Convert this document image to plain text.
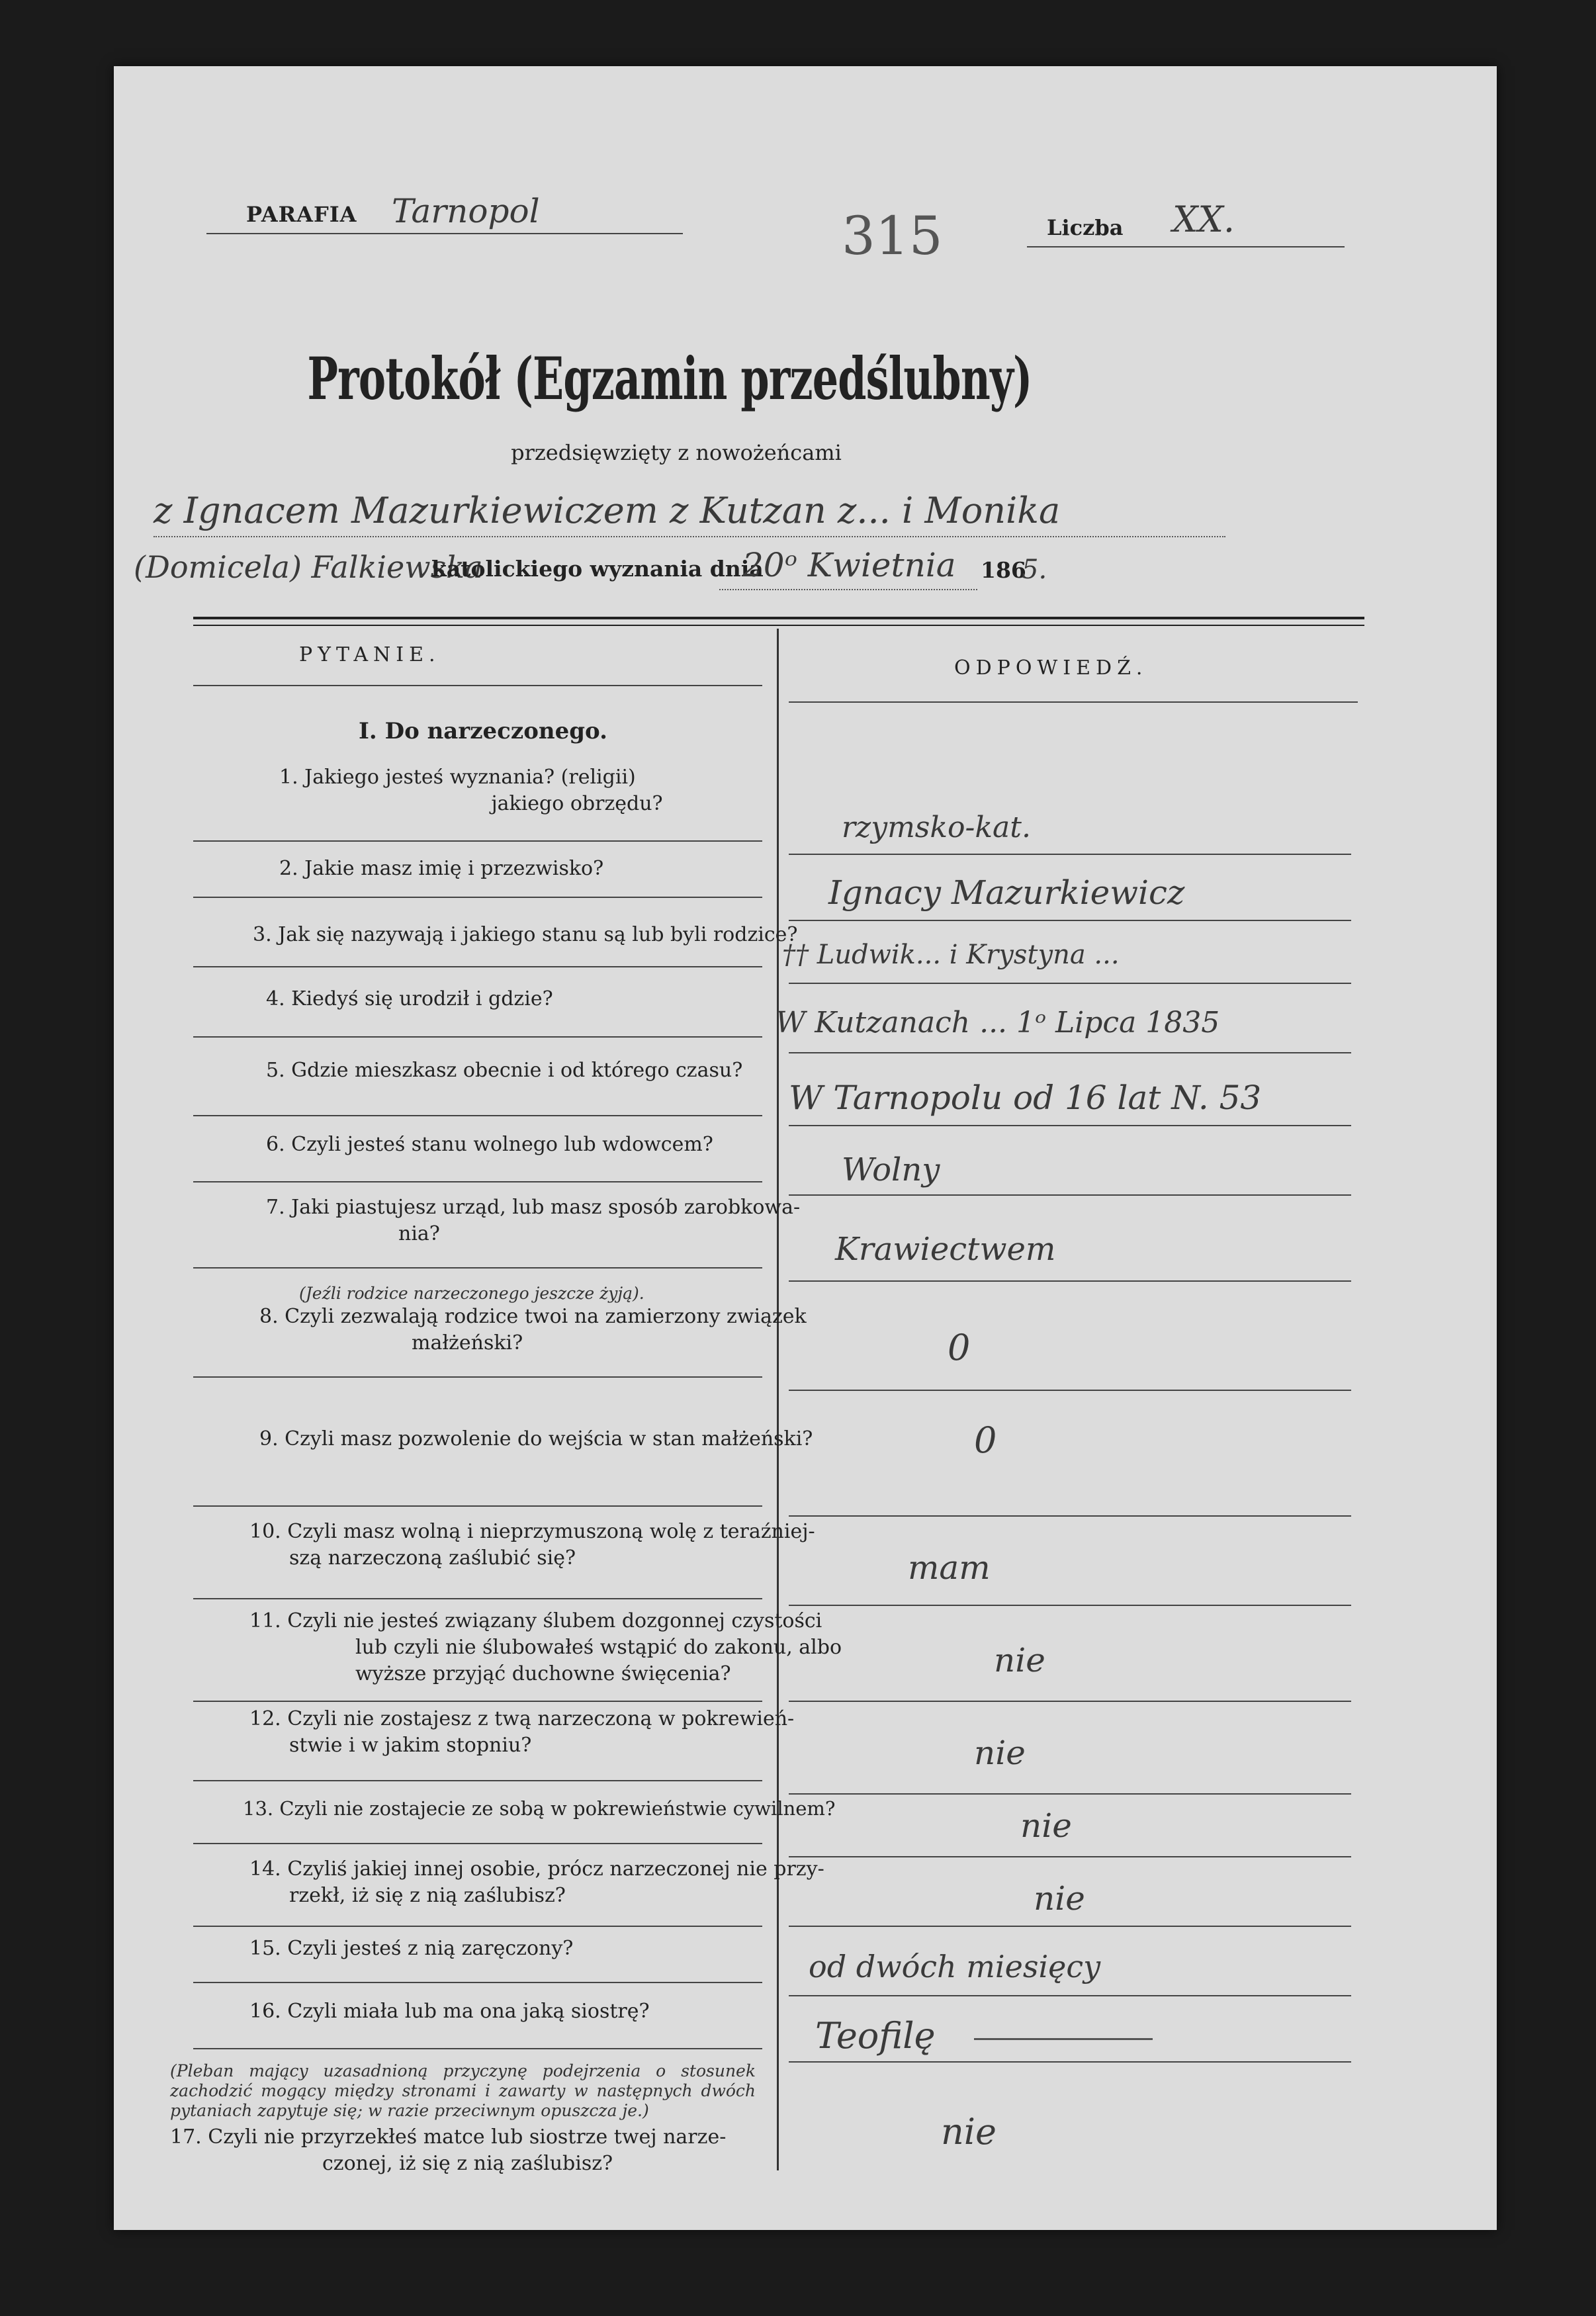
PARAFIA Tarnopol	315	Liczba XX.
Protokół (Egzamin przedślubny)
przedsięwzięty z nowożeńcami
z Ignacem Mazurkiewiczem z Kutzan z... i Monika
(Domicela) Falkiewska
katolickiego wyznania dnia
20ᵒ Kwietnia 186
5.
PYTANIE.
ODPOWIEDŹ.
I. Do narzeczonego.
1. Jakiego jesteś wyznania? (religii)
jakiego obrzędu?
2. Jakie masz imię i przezwisko?
3. Jak się nazywają i jakiego stanu są lub byli rodzice?
4. Kiedyś się urodził i gdzie?
5. Gdzie mieszkasz obecnie i od którego czasu?
6. Czyli jesteś stanu wolnego lub wdowcem?
7. Jaki piastujesz urząd, lub masz sposób zarobkowa-
nia?
(Jeźli rodzice narzeczonego jeszcze żyją).
8. Czyli zezwalają rodzice twoi na zamierzony związek
małżeński?
9. Czyli masz pozwolenie do wejścia w stan małżeński?
10. Czyli masz wolną i nieprzymuszoną wolę z teraźniej-
szą narzeczoną zaślubić się?
11. Czyli nie jesteś związany ślubem dozgonnej czystości
lub czyli nie ślubowałeś wstąpić do zakonu, albo wyższe przyjąć duchowne święcenia?
12. Czyli nie zostajesz z twą narzeczoną w pokrewień-
stwie i w jakim stopniu?
13. Czyli nie zostajecie ze sobą w pokrewieństwie cywilnem?
14. Czyliś jakiej innej osobie, prócz narzeczonej nie przy-
rzekł, iż się z nią zaślubisz?
15. Czyli jesteś z nią zaręczony?
16. Czyli miała lub ma ona jaką siostrę?
(Pleban mający uzasadnioną przyczynę podejrzenia o stosunek zachodzić mogący między stronami i zawarty w następnych dwóch pytaniach zapytuje się; w razie przeciwnym opuszcza je.)
17. Czyli nie przyrzekłeś matce lub siostrze twej narze-
czonej, iż się z nią zaślubisz?
rzymsko-kat.
Ignacy Mazurkiewicz
†† Ludwik... i Krystyna ...
W Kutzanach ... 1ᵒ Lipca 1835
W Tarnopolu od 16 lat N. 53
Wolny
Krawiectwem
0
0
mam
nie
nie
nie
nie
od dwóch miesięcy
Teofilę
nie
